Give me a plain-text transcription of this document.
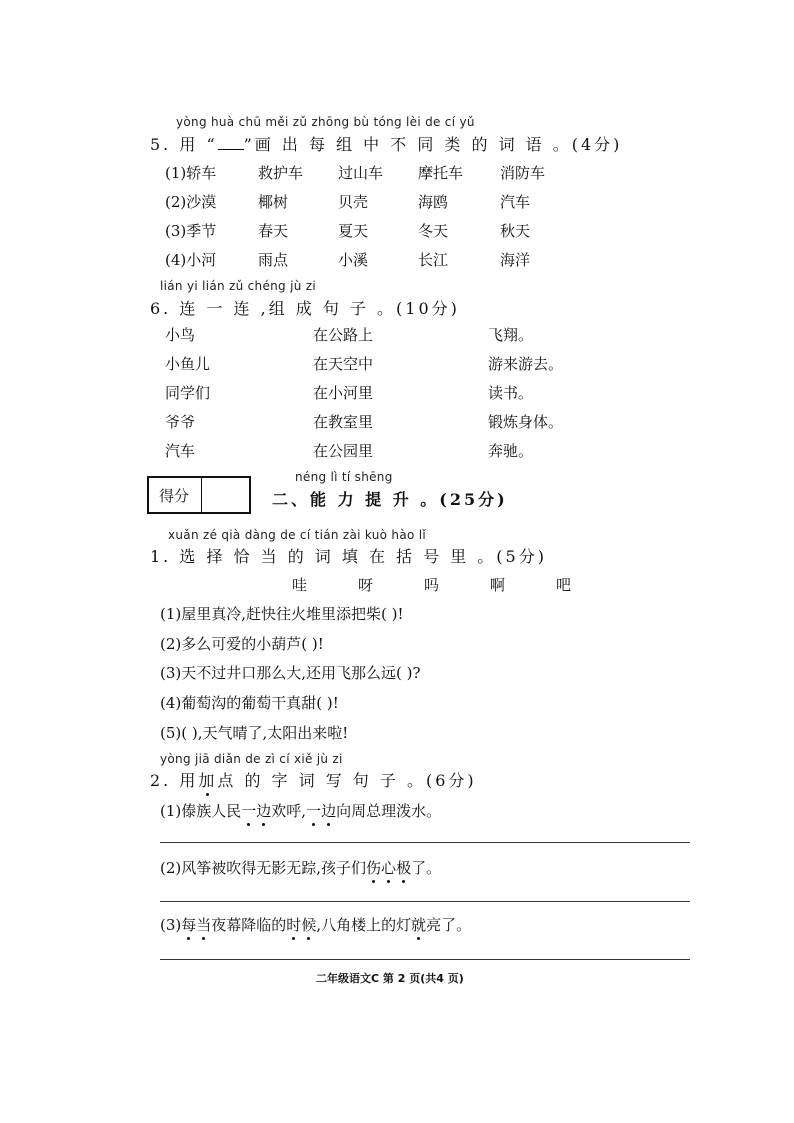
yòng huà chū měi zǔ zhōng bù tóng lèi de cí yǔ
5. 用 “ ”画 出 每 组 中 不 同 类 的 词 语 。(4分)
(1)轿车	救护车 过山车 摩托车 消防车
(2)沙漠	椰树	贝壳	海鸥	汽车
(3)季节	春天	夏天	冬天	秋天
(4)小河	雨点	小溪	长江	海洋
lián yi lián zǔ chéng jù zi
6. 连 一 连 ,组 成 句 子 。(10分)
小鸟	在公路上	飞翔。
小鱼儿	在天空中	游来游去。
同学们	在小河里	读书。
爷爷	在教室里	锻炼身体。
汽车	在公园里	奔驰。
得分
néng lì tí shēng
二、能 力 提 升 。(25分)
xuǎn zé qià dàng de cí tián zài kuò hào lǐ
1. 选 择 恰 当 的 词 填 在 括 号 里 。(5分)
哇	呀	吗	啊	吧
(1)屋里真冷,赶快往火堆里添把柴( )!
(2)多么可爱的小葫芦( )!
(3)天不过井口那么大,还用飞那么远( )?
(4)葡萄沟的葡萄干真甜( )!
(5)( ),天气晴了,太阳出来啦!
yòng jiā diǎn de zì cí xiě jù zi
2. 用加点 的 字 词 写 句 子 。(6分)
(1)傣族人民一边欢呼,一边向周总理泼水。
(2)风筝被吹得无影无踪,孩子们伤心极了。
(3)每当夜幕降临的时候,八角楼上的灯就亮了。
二年级语文C 第 2 页(共4 页)
